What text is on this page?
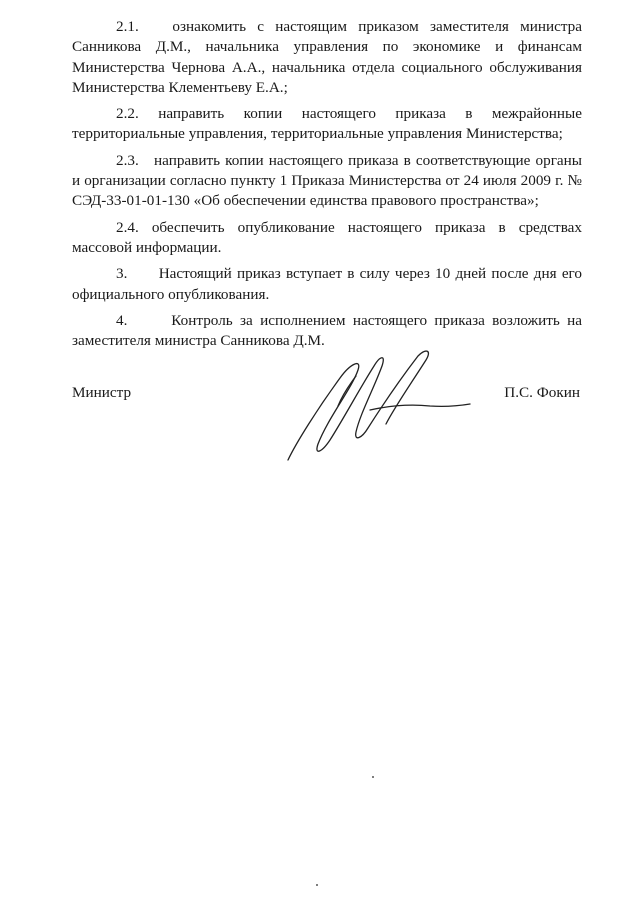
2.1. ознакомить с настоящим приказом заместителя министра Санникова Д.М., начальника управления по экономике и финансам Министерства Чернова А.А., начальника отдела социального обслуживания Министерства Клементьеву Е.А.;

2.2. направить копии настоящего приказа в межрайонные территориальные управления, территориальные управления Министерства;

2.3. направить копии настоящего приказа в соответствующие органы и организации согласно пункту 1 Приказа Министерства от 24 июля 2009 г. № СЭД-33-01-01-130 «Об обеспечении единства правового пространства»;

2.4. обеспечить опубликование настоящего приказа в средствах массовой информации.

3. Настоящий приказ вступает в силу через 10 дней после дня его официального опубликования.

4.	Контроль за исполнением настоящего приказа возложить на заместителя министра Санникова Д.М.

Министр	П.С. Фокин
